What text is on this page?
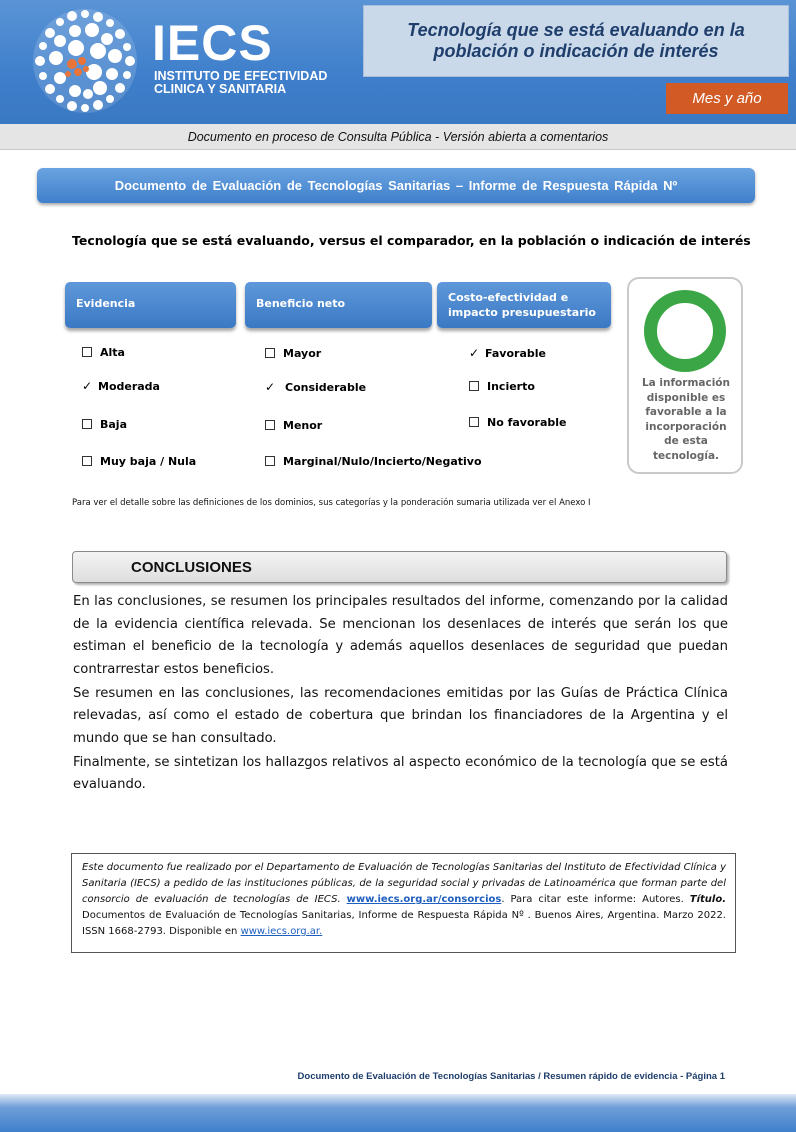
IECS
INSTITUTO DE EFECTIVIDAD
CLINICA Y SANITARIA
Tecnología que se está evaluando en la
población o indicación de interés
Mes y año
Documento en proceso de Consulta Pública - Versión abierta a comentarios
Documento de Evaluación de Tecnologías Sanitarias – Informe de Respuesta Rápida Nº
Tecnología que se está evaluando, versus el comparador, en la población o indicación de interés
Evidencia	Beneficio neto	Costo-efectividad e
impacto presupuestario
Alta
✓ Moderada
Baja
Muy baja / Nula
Mayor
✓ Considerable
Menor
Marginal/Nulo/Incierto/Negativo
✓ Favorable
Incierto
No favorable
La información
disponible es
favorable a la
incorporación
de esta
tecnología.
Para ver el detalle sobre las definiciones de los dominios, sus categorías y la ponderación sumaria utilizada ver el Anexo I
CONCLUSIONES

En las conclusiones, se resumen los principales resultados del informe, comenzando por la calidad de la evidencia científica relevada. Se mencionan los desenlaces de interés que serán los que estiman el beneficio de la tecnología y además aquellos desenlaces de seguridad que puedan contrarrestar estos beneficios.

Se resumen en las conclusiones, las recomendaciones emitidas por las Guías de Práctica Clínica relevadas, así como el estado de cobertura que brindan los financiadores de la Argentina y el mundo que se han consultado.

Finalmente, se sintetizan los hallazgos relativos al aspecto económico de la tecnología que se está evaluando.

Este documento fue realizado por el Departamento de Evaluación de Tecnologías Sanitarias del Instituto de Efectividad Clínica y Sanitaria (IECS) a pedido de las instituciones públicas, de la seguridad social y privadas de Latinoamérica que forman parte del consorcio de evaluación de tecnologías de IECS. www.iecs.org.ar/consorcios. Para citar este informe: Autores. Título. Documentos de Evaluación de Tecnologías Sanitarias, Informe de Respuesta Rápida Nº . Buenos Aires, Argentina. Marzo 2022. ISSN 1668-2793. Disponible en www.iecs.org.ar.
Documento de Evaluación de Tecnologías Sanitarias / Resumen rápido de evidencia - Página 1
